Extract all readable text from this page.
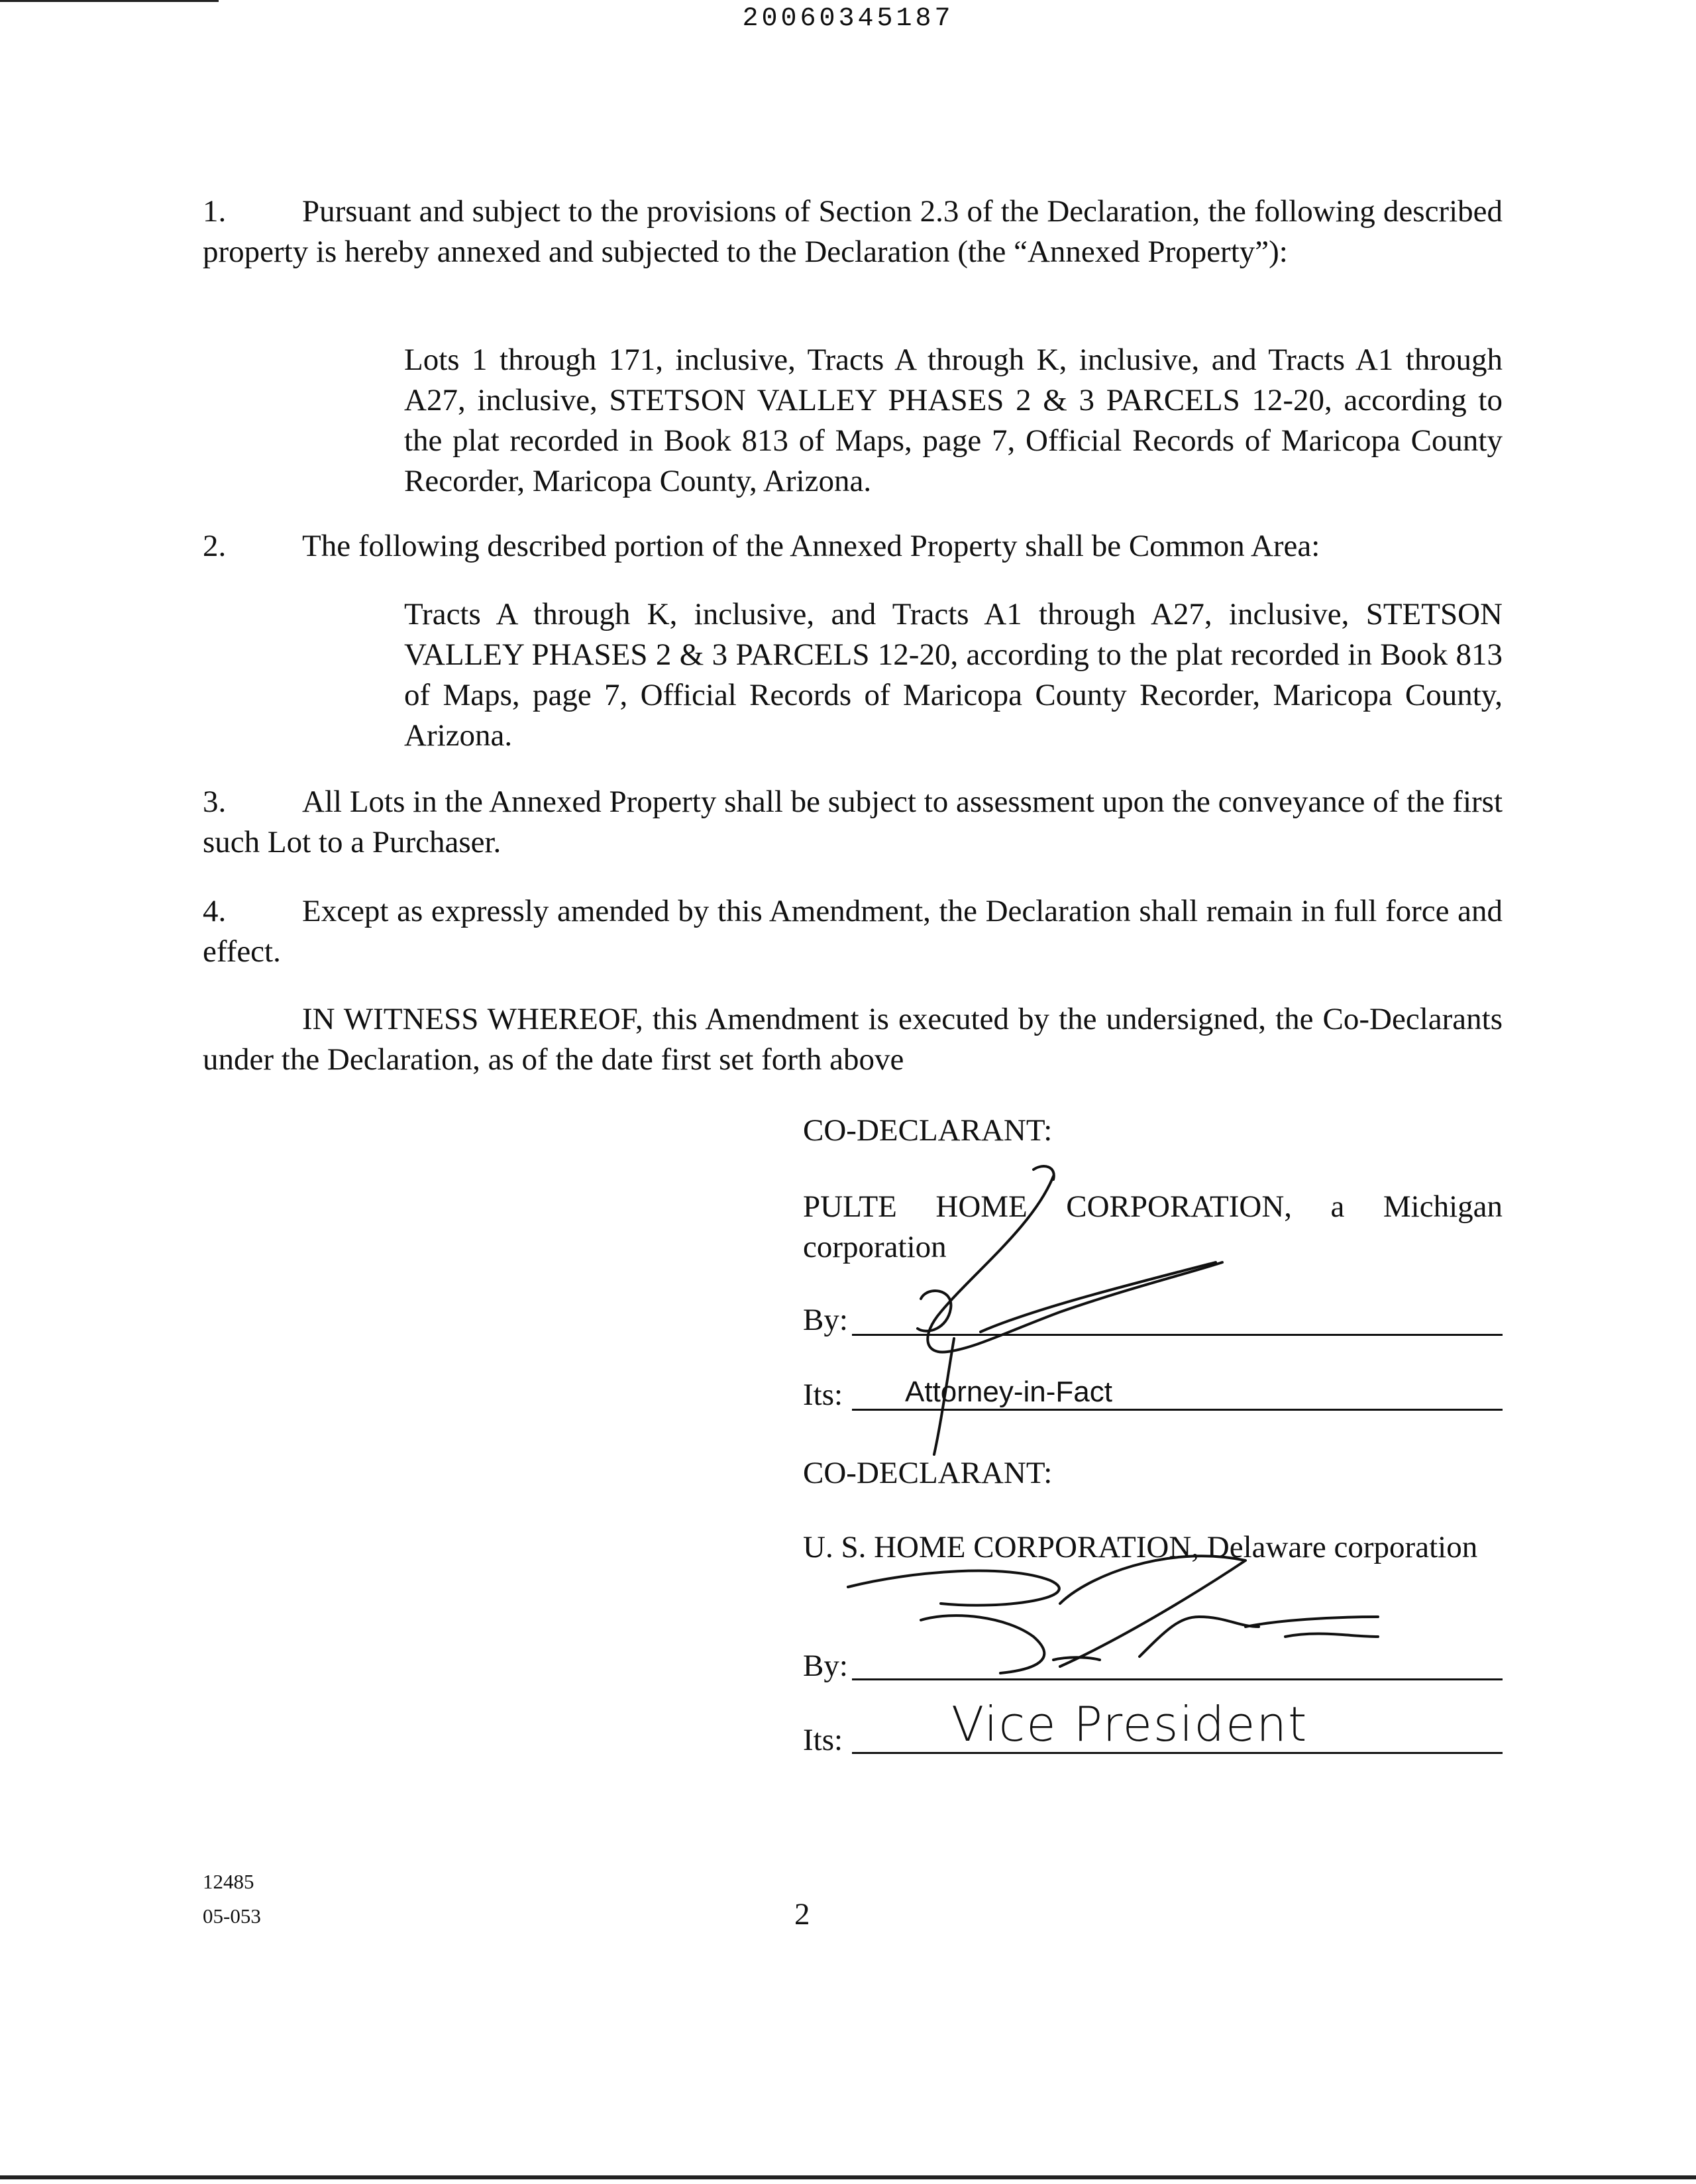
20060345187
1. Pursuant and subject to the provisions of Section 2.3 of the Declaration, the following described property is hereby annexed and subjected to the Declaration (the “Annexed Property”):
Lots 1 through 171, inclusive, Tracts A through K, inclusive, and Tracts A1 through A27, inclusive, STETSON VALLEY PHASES 2 & 3 PARCELS 12-20, according to the plat recorded in Book 813 of Maps, page 7, Official Records of Maricopa County Recorder, Maricopa County, Arizona.
2. The following described portion of the Annexed Property shall be Common Area:
Tracts A through K, inclusive, and Tracts A1 through A27, inclusive, STETSON VALLEY PHASES 2 & 3 PARCELS 12-20, according to the plat recorded in Book 813 of Maps, page 7, Official Records of Maricopa County Recorder, Maricopa County, Arizona.
3. All Lots in the Annexed Property shall be subject to assessment upon the conveyance of the first such Lot to a Purchaser.
4. Except as expressly amended by this Amendment, the Declaration shall remain in full force and effect.
IN WITNESS WHEREOF, this Amendment is executed by the undersigned, the Co-Declarants under the Declaration, as of the date first set forth above
CO-DECLARANT:
PULTE HOME CORPORATION, a Michigan corporation
By:
Its: Attorney-in-Fact
CO-DECLARANT:
U. S. HOME CORPORATION, Delaware corporation
By:
Its: Vice President
12485
05-053	2
